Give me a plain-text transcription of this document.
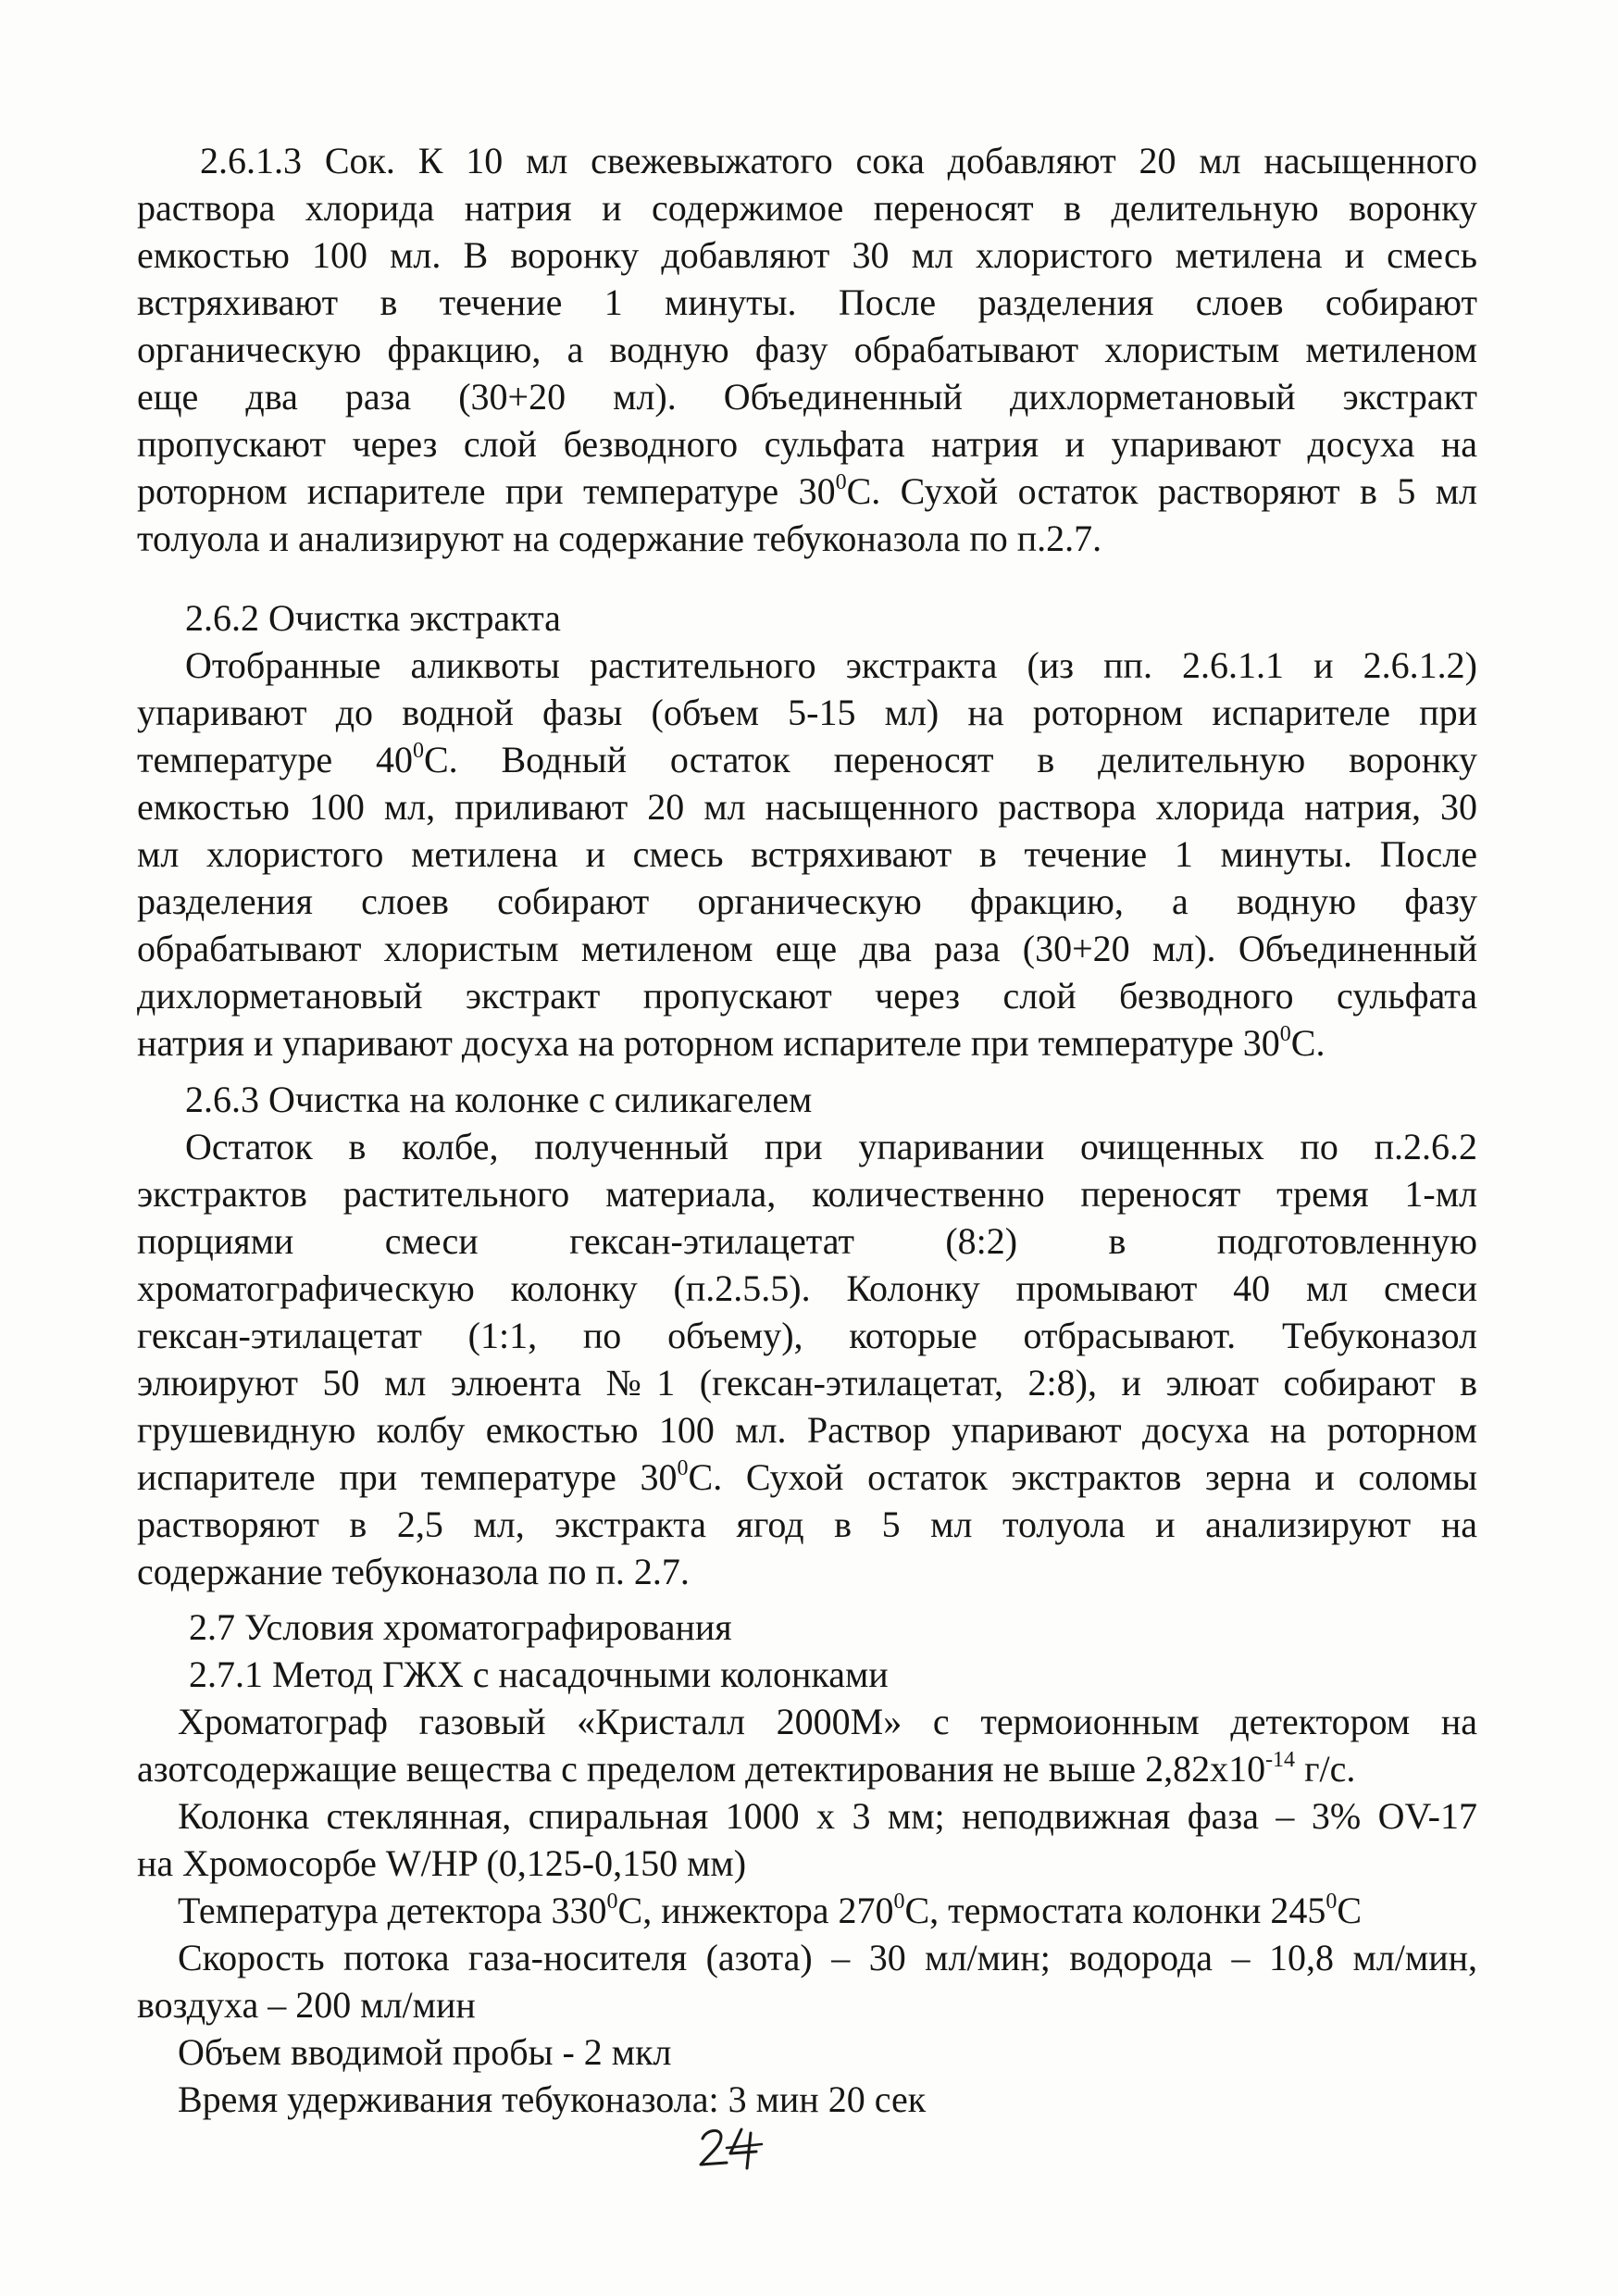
2.6.1.3 Сок. К 10 мл свежевыжатого сока добавляют 20 мл насыщенного
раствора хлорида натрия и содержимое переносят в делительную воронку
емкостью 100 мл. В воронку добавляют 30 мл хлористого метилена и смесь
встряхивают в течение 1 минуты. После разделения слоев собирают
органическую фракцию, а водную фазу обрабатывают хлористым метиленом
еще два раза (30+20 мл). Объединенный дихлорметановый экстракт
пропускают через слой безводного сульфата натрия и упаривают досуха на
роторном испарителе при температуре $30^0C$. Сухой остаток растворяют в 5 мл
толуола и анализируют на содержание тебуконазола по п.2.7.
2.6.2 Очистка экстракта
Отобранные аликвоты растительного экстракта (из пп. 2.6.1.1 и 2.6.1.2)
упаривают до водной фазы (объем 5-15 мл) на роторном испарителе при
температуре $40^0C$. Водный остаток переносят в делительную воронку
емкостью 100 мл, приливают 20 мл насыщенного раствора хлорида натрия, 30
мл хлористого метилена и смесь встряхивают в течение 1 минуты. После
разделения слоев собирают органическую фракцию, а водную фазу
обрабатывают хлористым метиленом еще два раза (30+20 мл). Объединенный
дихлорметановый экстракт пропускают через слой безводного сульфата
натрия и упаривают досуха на роторном испарителе при температуре $30^0C$.
2.6.3 Очистка на колонке с силикагелем
Остаток в колбе, полученный при упаривании очищенных по п.2.6.2
экстрактов растительного материала, количественно переносят тремя 1-мл
порциями смеси гексан-этилацетат (8:2) в подготовленную
хроматографическую колонку (п.2.5.5). Колонку промывают 40 мл смеси
гексан-этилацетат (1:1, по объему), которые отбрасывают. Тебуконазол
элюируют 50 мл элюента №1 (гексан-этилацетат, 2:8), и элюат собирают в
грушевидную колбу емкостью 100 мл. Раствор упаривают досуха на роторном
испарителе при температуре $30^0C$. Сухой остаток экстрактов зерна и соломы
растворяют в 2,5 мл, экстракта ягод в 5 мл толуола и анализируют на
содержание тебуконазола по п. 2.7.
2.7 Условия хроматографирования
2.7.1 Метод ГЖХ с насадочными колонками
Хроматограф газовый «Кристалл 2000М» с термоионным детектором на
азотсодержащие вещества с пределом детектирования не выше $2,82x10^{-14}$ г/с.
Колонка стеклянная, спиральная 1000 х 3 мм; неподвижная фаза – 3% OV-17
на Хромосорбе W/HP (0,125-0,150 мм)
Температура детектора $330^0C$, инжектора $270^0C$, термостата колонки $245^0C$
Скорость потока газа-носителя (азота) – 30 мл/мин; водорода – 10,8 мл/мин,
воздуха – 200 мл/мин
Объем вводимой пробы - 2 мкл
Время удерживания тебуконазола: 3 мин 20 сек
